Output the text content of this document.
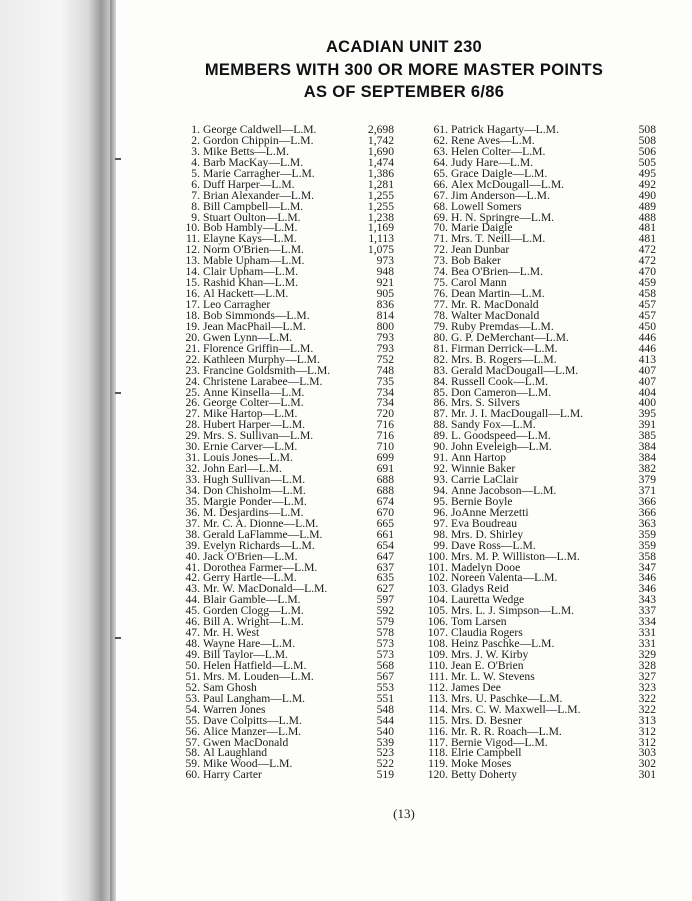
ACADIAN UNIT 230
MEMBERS WITH 300 OR MORE MASTER POINTS
AS OF SEPTEMBER 6/86
1. George Caldwell—L.M.	2,698
2. Gordon Chippin—L.M.	1,742
3. Mike Betts—L.M.	1,690
4. Barb MacKay—L.M.	1,474
5. Marie Carragher—L.M.	1,386
6. Duff Harper—L.M.	1,281
7. Brian Alexander—L.M.	1,255
8. Bill Campbell—L.M.	1,255
9. Stuart Oulton—L.M.	1,238
10. Bob Hambly—L.M.	1,169
11. Elayne Kays—L.M.	1,113
12. Norm O'Brien—L.M.	1,075
13. Mable Upham—L.M.	973
14. Clair Upham—L.M.	948
15. Rashid Khan—L.M.	921
16. Al Hackett—L.M.	905
17. Leo Carragher	836
18. Bob Simmonds—L.M.	814
19. Jean MacPhail—L.M.	800
20. Gwen Lynn—L.M.	793
21. Florence Griffin—L.M.	793
22. Kathleen Murphy—L.M.	752
23. Francine Goldsmith—L.M.	748
24. Christene Larabee—L.M.	735
25. Anne Kinsella—L.M.	734
26. George Colter—L.M.	734
27. Mike Hartop—L.M.	720
28. Hubert Harper—L.M.	716
29. Mrs. S. Sullivan—L.M.	716
30. Ernie Carver—L.M.	710
31. Louis Jones—L.M.	699
32. John Earl—L.M.	691
33. Hugh Sullivan—L.M.	688
34. Don Chisholm—L.M.	688
35. Margie Ponder—L.M.	674
36. M. Desjardins—L.M.	670
37. Mr. C. A. Dionne—L.M.	665
38. Gerald LaFlamme—L.M.	661
39. Evelyn Richards—L.M.	654
40. Jack O'Brien—L.M.	647
41. Dorothea Farmer—L.M.	637
42. Gerry Hartle—L.M.	635
43. Mr. W. MacDonald—L.M.	627
44. Blair Gamble—L.M.	597
45. Gorden Clogg—L.M.	592
46. Bill A. Wright—L.M.	579
47. Mr. H. West	578
48. Wayne Hare—L.M.	573
49. Bill Taylor—L.M.	573
50. Helen Hatfield—L.M.	568
51. Mrs. M. Louden—L.M.	567
52. Sam Ghosh	553
53. Paul Langham—L.M.	551
54. Warren Jones	548
55. Dave Colpitts—L.M.	544
56. Alice Manzer—L.M.	540
57. Gwen MacDonald	539
58. Al Laughland	523
59. Mike Wood—L.M.	522
60. Harry Carter	519
61. Patrick Hagarty—L.M.	508
62. Rene Aves—L.M.	508
63. Helen Colter—L.M.	506
64. Judy Hare—L.M.	505
65. Grace Daigle—L.M.	495
66. Alex McDougall—L.M.	492
67. Jim Anderson—L.M.	490
68. Lowell Somers	489
69. H. N. Springre—L.M.	488
70. Marie Daigle	481
71. Mrs. T. Neill—L.M.	481
72. Jean Dunbar	472
73. Bob Baker	472
74. Bea O'Brien—L.M.	470
75. Carol Mann	459
76. Dean Martin—L.M.	458
77. Mr. R. MacDonald	457
78. Walter MacDonald	457
79. Ruby Premdas—L.M.	450
80. G. P. DeMerchant—L.M.	446
81. Firman Derrick—L.M.	446
82. Mrs. B. Rogers—L.M.	413
83. Gerald MacDougall—L.M.	407
84. Russell Cook—L.M.	407
85. Don Cameron—L.M.	404
86. Mrs. S. Silvers	400
87. Mr. J. I. MacDougall—L.M.	395
88. Sandy Fox—L.M.	391
89. L. Goodspeed—L.M.	385
90. John Eveleigh—L.M.	384
91. Ann Hartop	384
92. Winnie Baker	382
93. Carrie LaClair	379
94. Anne Jacobson—L.M.	371
95. Bernie Boyle	366
96. JoAnne Merzetti	366
97. Eva Boudreau	363
98. Mrs. D. Shirley	359
99. Dave Ross—L.M.	359
100. Mrs. M. P. Williston—L.M.	358
101. Madelyn Dooe	347
102. Noreen Valenta—L.M.	346
103. Gladys Reid	346
104. Lauretta Wedge	343
105. Mrs. L. J. Simpson—L.M.	337
106. Tom Larsen	334
107. Claudia Rogers	331
108. Heinz Paschke—L.M.	331
109. Mrs. J. W. Kirby	329
110. Jean E. O'Brien	328
111. Mr. L. W. Stevens	327
112. James Dee	323
113. Mrs. U. Paschke—L.M.	322
114. Mrs. C. W. Maxwell—L.M.	322
115. Mrs. D. Besner	313
116. Mr. R. R. Roach—L.M.	312
117. Bernie Vigod—L.M.	312
118. Elrie Campbell	303
119. Moke Moses	302
120. Betty Doherty	301
(13)
